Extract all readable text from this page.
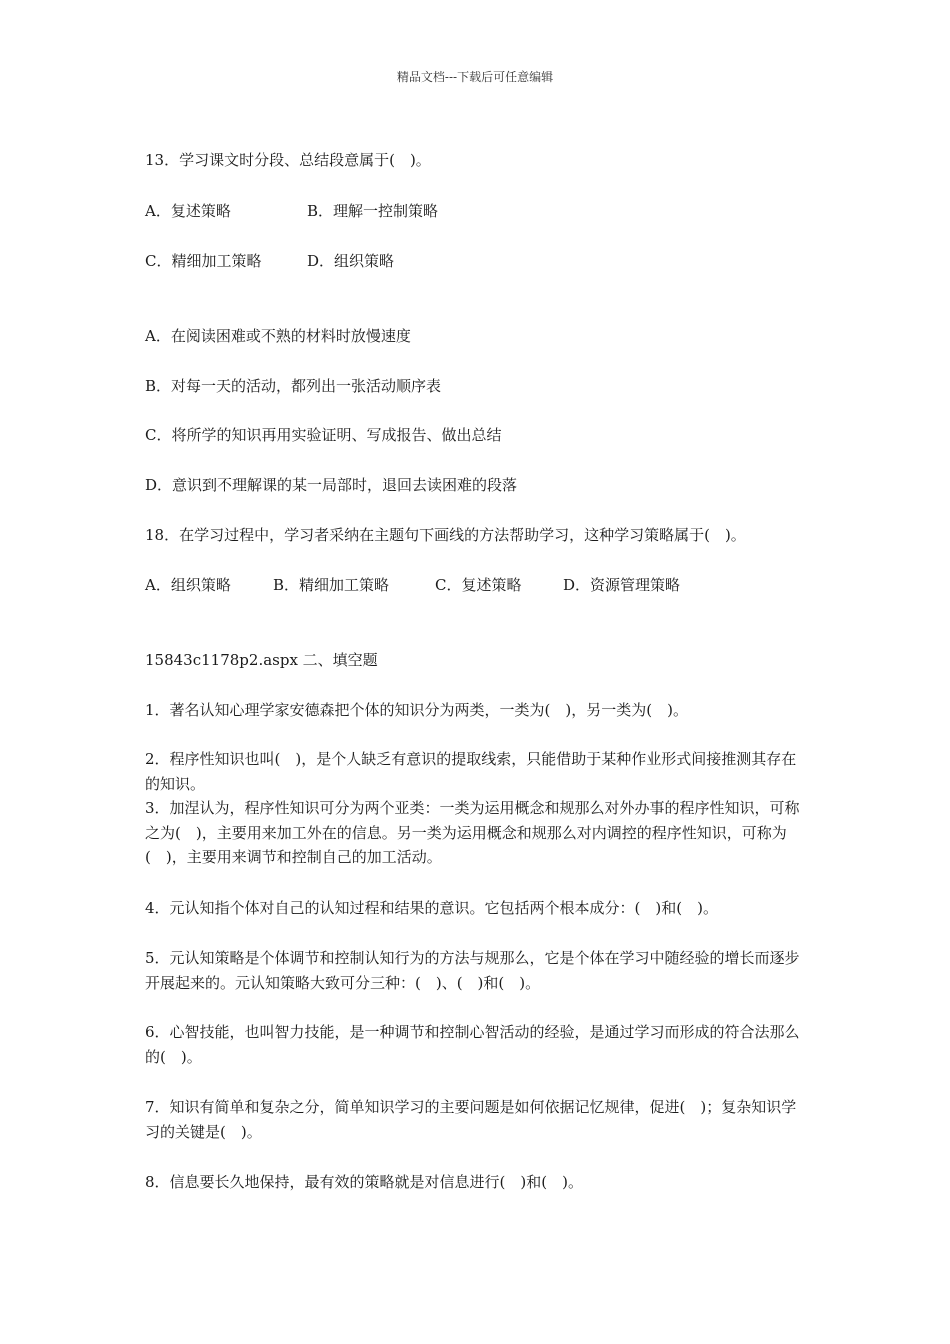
精品文档---下载后可任意编辑
13．学习课文时分段、总结段意属于(　)。
A．复述策略	B．理解一控制策略
C．精细加工策略	D．组织策略
A．在阅读困难或不熟的材料时放慢速度
B．对每一天的活动，都列出一张活动顺序表
C．将所学的知识再用实验证明、写成报告、做出总结
D．意识到不理解课的某一局部时，退回去读困难的段落
18．在学习过程中，学习者采纳在主题句下画线的方法帮助学习，这种学习策略属于(　)。
A．组织策略	B．精细加工策略	C．复述策略	D．资源管理策略
15843c1178p2.aspx 二、填空题
1．著名认知心理学家安德森把个体的知识分为两类，一类为(　)，另一类为(　)。
2．程序性知识也叫(　)，是个人缺乏有意识的提取线索，只能借助于某种作业形式间接推测其存在的知识。
3．加涅认为，程序性知识可分为两个亚类：一类为运用概念和规那么对外办事的程序性知识，可称之为(　)，主要用来加工外在的信息。另一类为运用概念和规那么对内调控的程序性知识，可称为(　)，主要用来调节和控制自己的加工活动。
4．元认知指个体对自己的认知过程和结果的意识。它包括两个根本成分：(　)和(　)。
5．元认知策略是个体调节和控制认知行为的方法与规那么，它是个体在学习中随经验的增长而逐步开展起来的。元认知策略大致可分三种：(　)、(　)和(　)。
6．心智技能，也叫智力技能，是一种调节和控制心智活动的经验，是通过学习而形成的符合法那么的(　)。
7．知识有简单和复杂之分，简单知识学习的主要问题是如何依据记忆规律，促进(　)；复杂知识学习的关键是(　)。
8．信息要长久地保持，最有效的策略就是对信息进行(　)和(　)。
